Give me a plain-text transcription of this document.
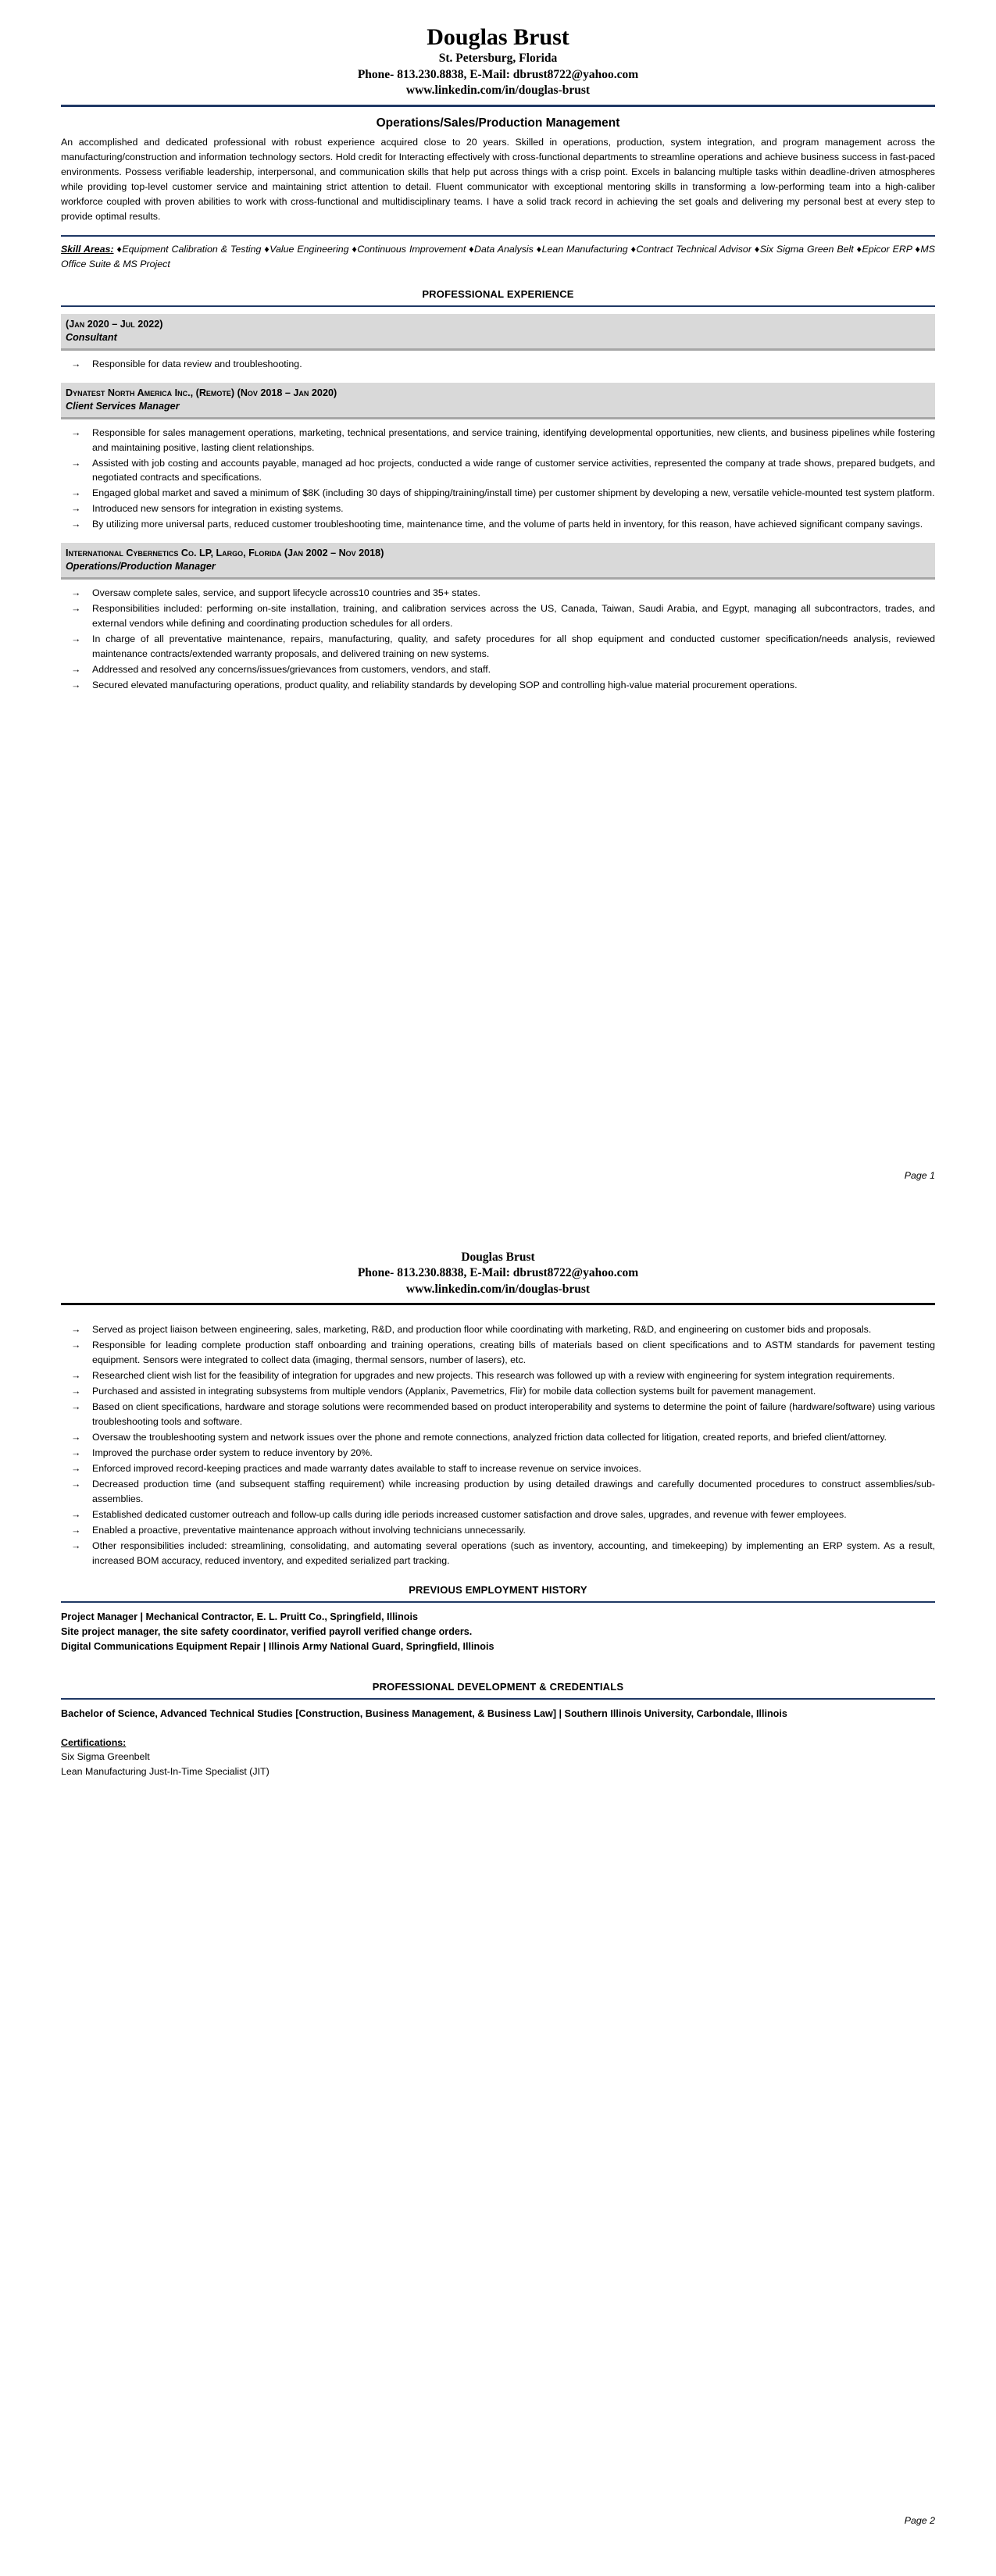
Douglas Brust
St. Petersburg, Florida
Phone- 813.230.8838, E-Mail: dbrust8722@yahoo.com
www.linkedin.com/in/douglas-brust
Operations/Sales/Production Management

An accomplished and dedicated professional with robust experience acquired close to 20 years. Skilled in operations, production, system integration, and program management across the manufacturing/construction and information technology sectors. Hold credit for Interacting effectively with cross-functional departments to streamline operations and achieve business success in fast-paced environments. Possess verifiable leadership, interpersonal, and communication skills that help put across things with a crisp point. Excels in balancing multiple tasks within deadline-driven atmospheres while providing top-level customer service and maintaining strict attention to detail. Fluent communicator with exceptional mentoring skills in transforming a low-performing team into a high-caliber workforce coupled with proven abilities to work with cross-functional and multidisciplinary teams. I have a solid track record in achieving the set goals and delivering my personal best at every step to provide optimal results.

Skill Areas: ♦Equipment Calibration & Testing ♦Value Engineering ♦Continuous Improvement ♦Data Analysis ♦Lean Manufacturing ♦Contract Technical Advisor ♦Six Sigma Green Belt ♦Epicor ERP ♦MS Office Suite & MS Project

PROFESSIONAL EXPERIENCE
(Jan 2020 – Jul 2022)
Consultant
→ Responsible for data review and troubleshooting.
Dynatest North America Inc., (Remote) (Nov 2018 – Jan 2020)
Client Services Manager
→ Responsible for sales management operations, marketing, technical presentations, and service training, identifying developmental opportunities, new clients, and business pipelines while fostering and maintaining positive, lasting client relationships.
→ Assisted with job costing and accounts payable, managed ad hoc projects, conducted a wide range of customer service activities, represented the company at trade shows, prepared budgets, and negotiated contracts and specifications.
→ Engaged global market and saved a minimum of $8K (including 30 days of shipping/training/install time) per customer shipment by developing a new, versatile vehicle-mounted test system platform.
→ Introduced new sensors for integration in existing systems.
→ By utilizing more universal parts, reduced customer troubleshooting time, maintenance time, and the volume of parts held in inventory, for this reason, have achieved significant company savings.
International Cybernetics Co. LP, Largo, Florida (Jan 2002 – Nov 2018)
Operations/Production Manager
→ Oversaw complete sales, service, and support lifecycle across10 countries and 35+ states.
→ Responsibilities included: performing on-site installation, training, and calibration services across the US, Canada, Taiwan, Saudi Arabia, and Egypt, managing all subcontractors, trades, and external vendors while defining and coordinating production schedules for all orders.
→ In charge of all preventative maintenance, repairs, manufacturing, quality, and safety procedures for all shop equipment and conducted customer specification/needs analysis, reviewed maintenance contracts/extended warranty proposals, and delivered training on new systems.
→ Addressed and resolved any concerns/issues/grievances from customers, vendors, and staff.
→ Secured elevated manufacturing operations, product quality, and reliability standards by developing SOP and controlling high-value material procurement operations.
Page 1
Douglas Brust
Phone- 813.230.8838, E-Mail: dbrust8722@yahoo.com
www.linkedin.com/in/douglas-brust
→ Served as project liaison between engineering, sales, marketing, R&D, and production floor while coordinating with marketing, R&D, and engineering on customer bids and proposals.
→ Responsible for leading complete production staff onboarding and training operations, creating bills of materials based on client specifications and to ASTM standards for pavement testing equipment. Sensors were integrated to collect data (imaging, thermal sensors, number of lasers), etc.
→ Researched client wish list for the feasibility of integration for upgrades and new projects. This research was followed up with a review with engineering for system integration requirements.
→ Purchased and assisted in integrating subsystems from multiple vendors (Applanix, Pavemetrics, Flir) for mobile data collection systems built for pavement management.
→ Based on client specifications, hardware and storage solutions were recommended based on product interoperability and systems to determine the point of failure (hardware/software) using various troubleshooting tools and software.
→ Oversaw the troubleshooting system and network issues over the phone and remote connections, analyzed friction data collected for litigation, created reports, and briefed client/attorney.
→ Improved the purchase order system to reduce inventory by 20%.
→ Enforced improved record-keeping practices and made warranty dates available to staff to increase revenue on service invoices.
→ Decreased production time (and subsequent staffing requirement) while increasing production by using detailed drawings and carefully documented procedures to construct assemblies/sub-assemblies.
→ Established dedicated customer outreach and follow-up calls during idle periods increased customer satisfaction and drove sales, upgrades, and revenue with fewer employees.
→ Enabled a proactive, preventative maintenance approach without involving technicians unnecessarily.
→ Other responsibilities included: streamlining, consolidating, and automating several operations (such as inventory, accounting, and timekeeping) by implementing an ERP system. As a result, increased BOM accuracy, reduced inventory, and expedited serialized part tracking.
PREVIOUS EMPLOYMENT HISTORY

Project Manager | Mechanical Contractor, E. L. Pruitt Co., Springfield, Illinois

Site project manager, the site safety coordinator, verified payroll verified change orders.

Digital Communications Equipment Repair | Illinois Army National Guard, Springfield, Illinois

PROFESSIONAL DEVELOPMENT & CREDENTIALS

Bachelor of Science, Advanced Technical Studies [Construction, Business Management, & Business Law] | Southern Illinois University, Carbondale, Illinois

Certifications:

Six Sigma Greenbelt

Lean Manufacturing Just-In-Time Specialist (JIT)

Page 2
